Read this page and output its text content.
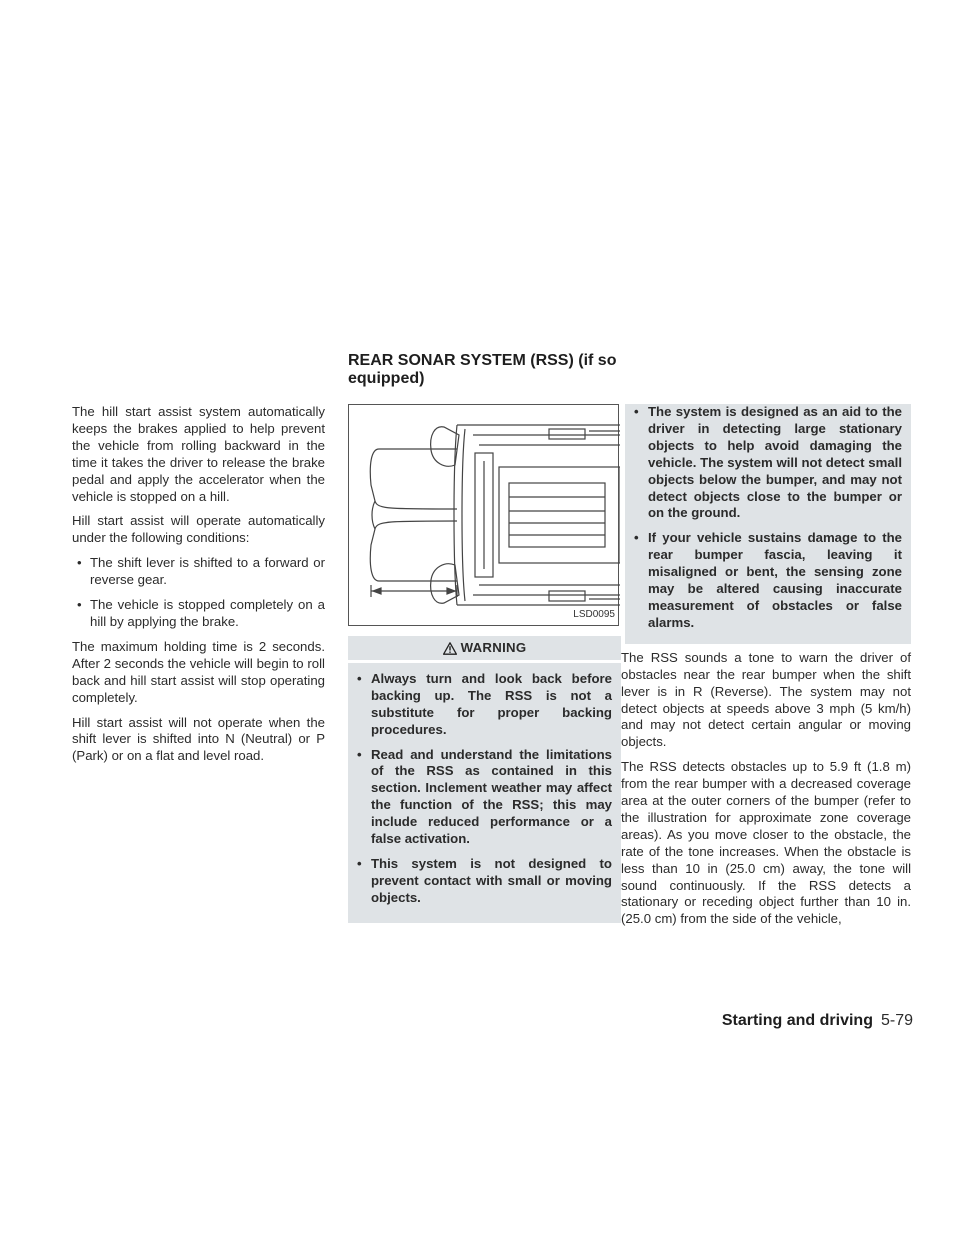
REAR SONAR SYSTEM (RSS) (if so equipped)

The hill start assist system automatically keeps the brakes applied to help prevent the vehicle from rolling backward in the time it takes the driver to release the brake pedal and apply the accelerator when the vehicle is stopped on a hill.

Hill start assist will operate automatically under the following conditions:

• The shift lever is shifted to a forward or reverse gear.
• The vehicle is stopped completely on a hill by applying the brake.

The maximum holding time is 2 seconds. After 2 seconds the vehicle will begin to roll back and hill start assist will stop operating completely.

Hill start assist will not operate when the shift lever is shifted into N (Neutral) or P (Park) or on a flat and level road.

LSD0095
WARNING
• Always turn and look back before backing up. The RSS is not a substitute for proper backing procedures.
• Read and understand the limitations of the RSS as contained in this section. Inclement weather may affect the function of the RSS; this may include reduced performance or a false activation.
• This system is not designed to prevent contact with small or moving objects.
• The system is designed as an aid to the driver in detecting large stationary objects to help avoid damaging the vehicle. The system will not detect small objects below the bumper, and may not detect objects close to the bumper or on the ground.
• If your vehicle sustains damage to the rear bumper fascia, leaving it misaligned or bent, the sensing zone may be altered causing inaccurate measurement of obstacles or false alarms.

The RSS sounds a tone to warn the driver of obstacles near the rear bumper when the shift lever is in R (Reverse). The system may not detect objects at speeds above 3 mph (5 km/h) and may not detect certain angular or moving objects.

The RSS detects obstacles up to 5.9 ft (1.8 m) from the rear bumper with a decreased coverage area at the outer corners of the bumper (refer to the illustration for approximate zone coverage areas). As you move closer to the obstacle, the rate of the tone increases. When the obstacle is less than 10 in (25.0 cm) away, the tone will sound continuously. If the RSS detects a stationary or receding object further than 10 in. (25.0 cm) from the side of the vehicle,

Starting and driving 5-79
